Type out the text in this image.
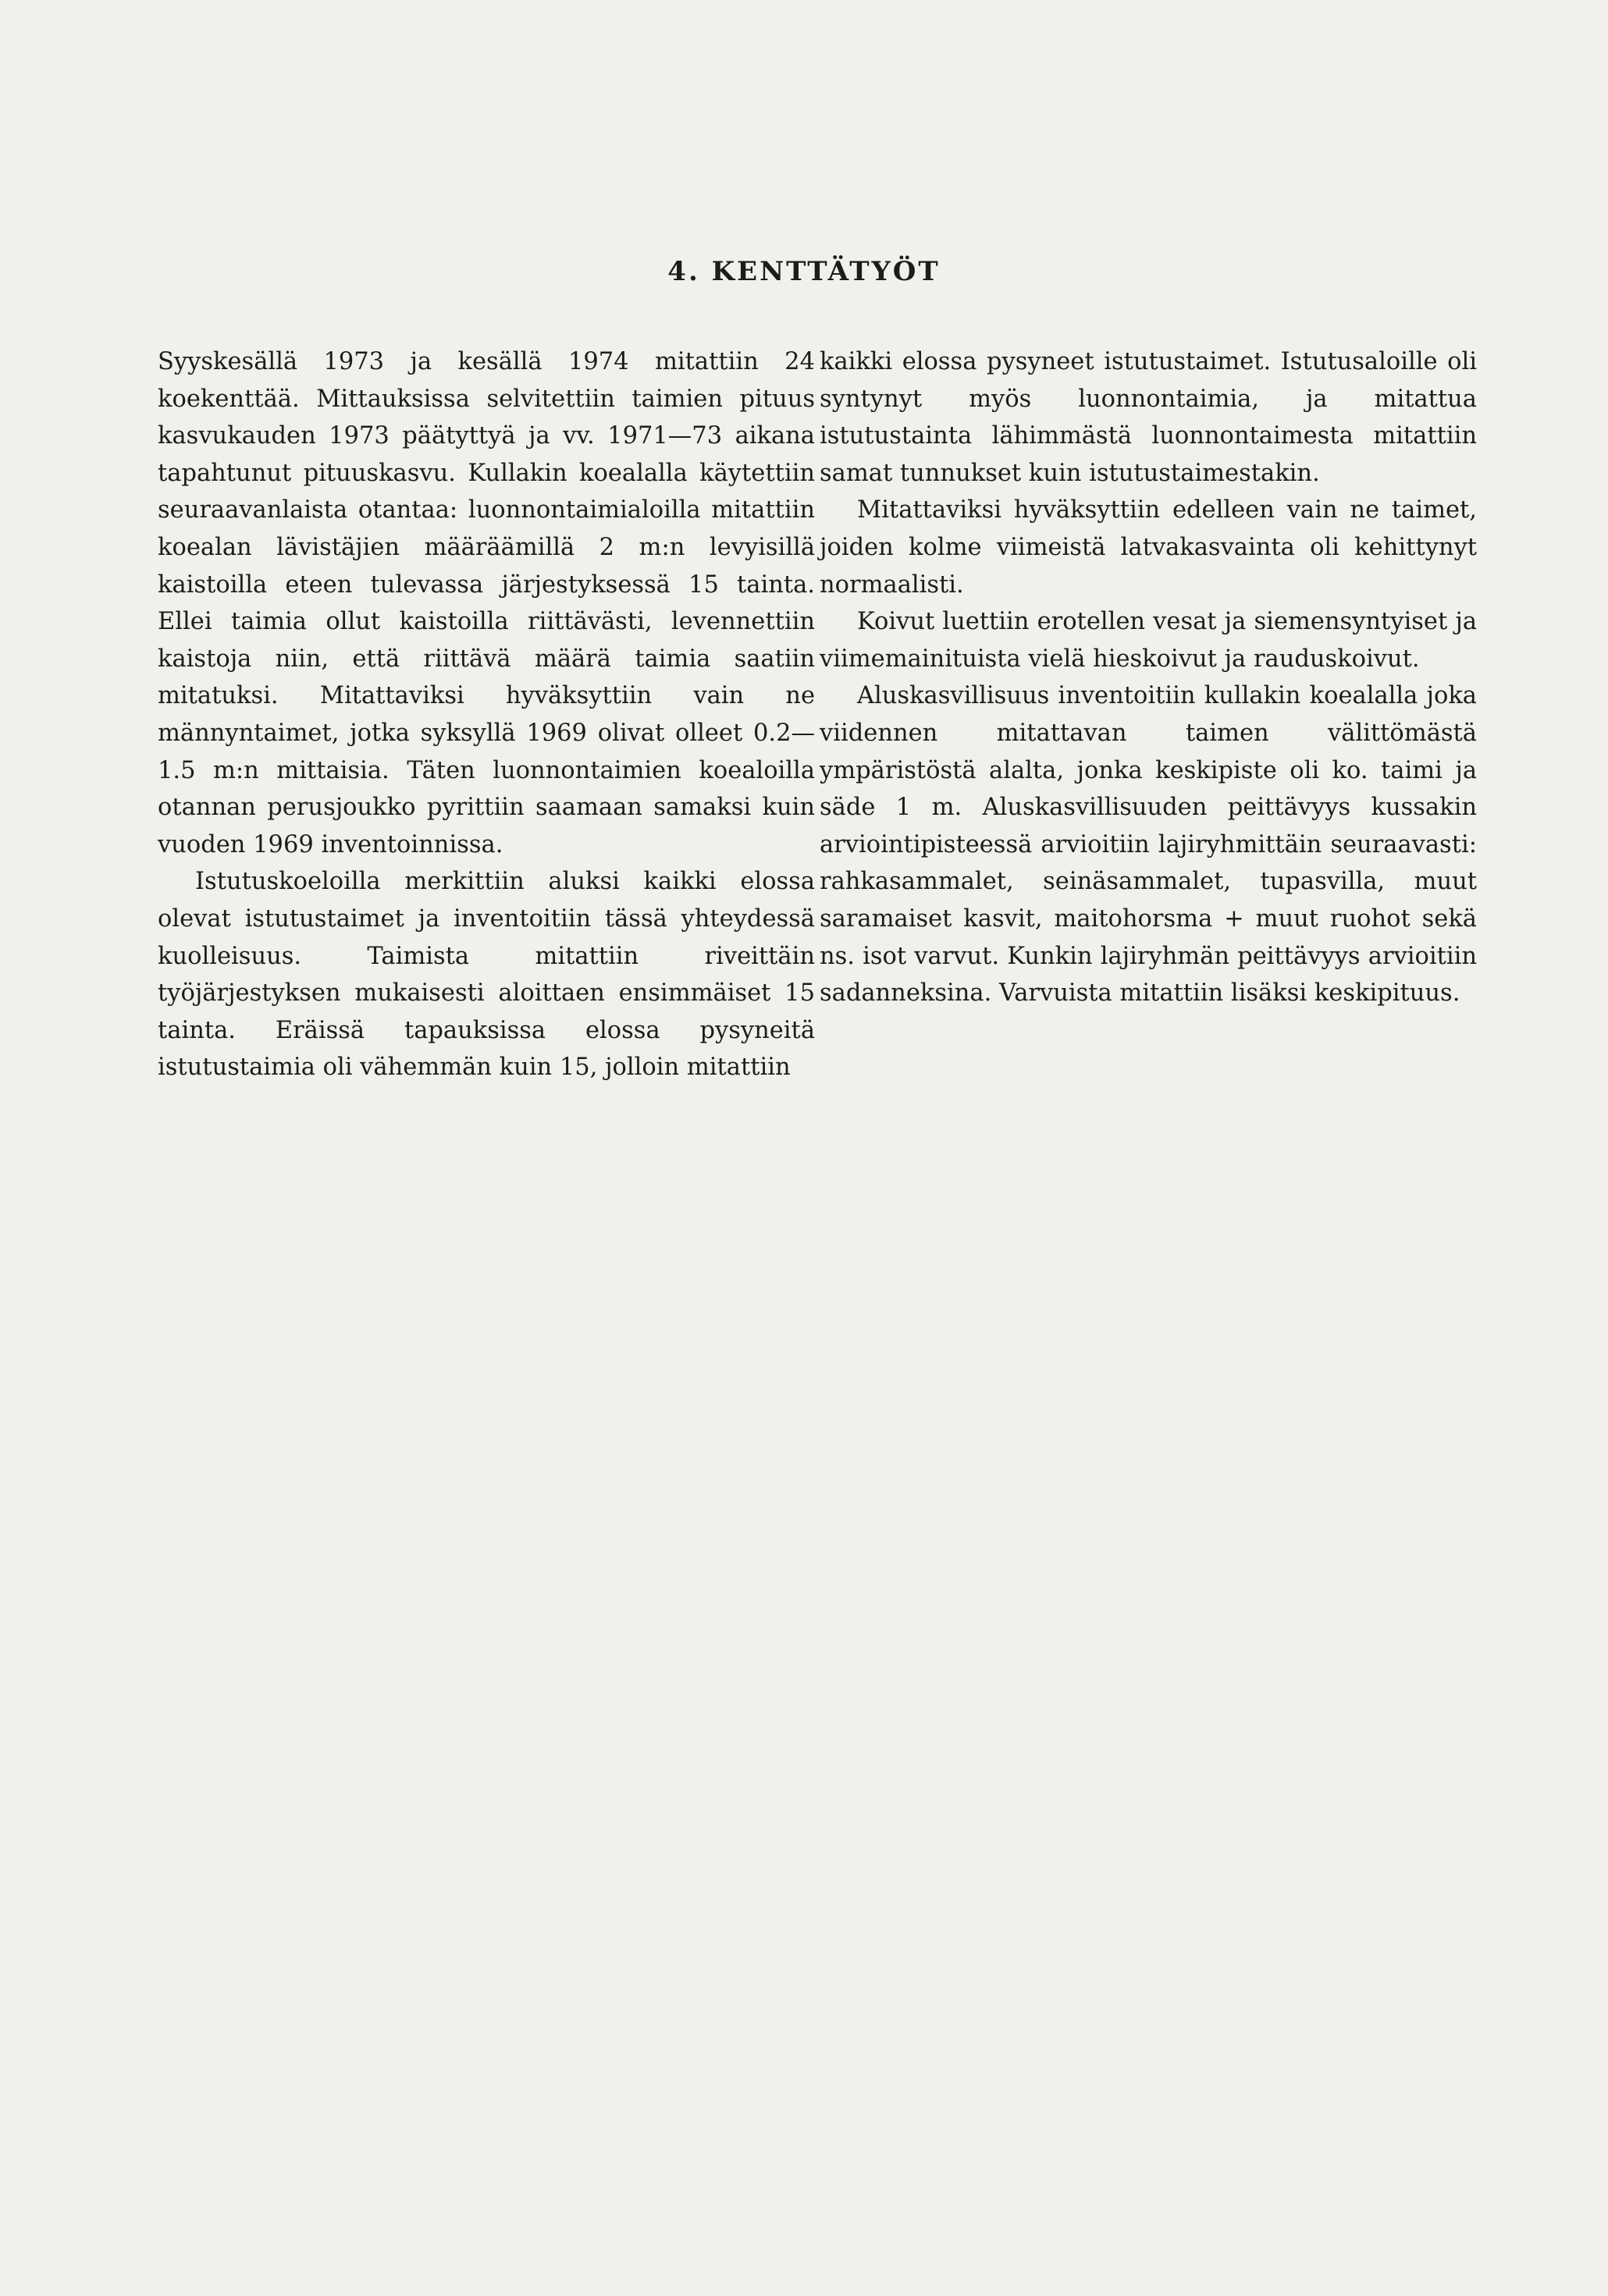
4. KENTTÄTYÖT

Syyskesällä 1973 ja kesällä 1974 mitattiin 24 koekenttää. Mittauksissa selvitettiin taimien pituus kasvukauden 1973 päätyttyä ja vv. 1971—73 aikana tapahtunut pituuskasvu. Kullakin koealalla käytettiin seuraavanlaista otantaa: luonnontaimialoilla mitattiin koealan lävistäjien määräämillä 2 m:n levyisillä kaistoilla eteen tulevassa järjestyksessä 15 tainta. Ellei taimia ollut kaistoilla riittävästi, levennettiin kaistoja niin, että riittävä määrä taimia saatiin mitatuksi. Mitattaviksi hyväksyttiin vain ne männyntaimet, jotka syksyllä 1969 olivat olleet 0.2—1.5 m:n mittaisia. Täten luonnontaimien koealoilla otannan perusjoukko pyrittiin saamaan samaksi kuin vuoden 1969 inventoinnissa.

Istutuskoeloilla merkittiin aluksi kaikki elossa olevat istutustaimet ja inventoitiin tässä yhteydessä kuolleisuus. Taimista mitattiin riveittäin työjärjestyksen mukaisesti aloittaen ensimmäiset 15 tainta. Eräissä tapauksissa elossa pysyneitä istutustaimia oli vähemmän kuin 15, jolloin mitattiin

kaikki elossa pysyneet istutustaimet. Istutusaloille oli syntynyt myös luonnontaimia, ja mitattua istutustainta lähimmästä luonnontaimesta mitattiin samat tunnukset kuin istutustaimestakin.

Mitattaviksi hyväksyttiin edelleen vain ne taimet, joiden kolme viimeistä latvakasvainta oli kehittynyt normaalisti.

Koivut luettiin erotellen vesat ja siemensyntyiset ja viimemainituista vielä hieskoivut ja rauduskoivut.

Aluskasvillisuus inventoitiin kullakin koealalla joka viidennen mitattavan taimen välittömästä ympäristöstä alalta, jonka keskipiste oli ko. taimi ja säde 1 m. Aluskasvillisuuden peittävyys kussakin arviointipisteessä arvioitiin lajiryhmittäin seuraavasti: rahkasammalet, seinäsammalet, tupasvilla, muut saramaiset kasvit, maitohorsma + muut ruohot sekä ns. isot varvut. Kunkin lajiryhmän peittävyys arvioitiin sadanneksina. Varvuista mitattiin lisäksi keskipituus.
